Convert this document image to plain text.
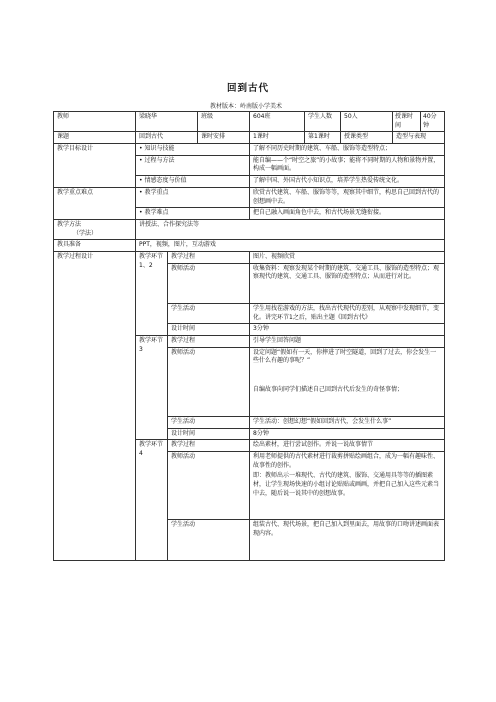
回到古代
教材版本：岭南版小学美术
教师	梁晓华	班级	604班	学生人数	50人		授课时间	40分钟

课题	回到古代	课时安排	1课时	第1课时	授课类型	造型与表现
教学目标设计	•知识与技能	了解不同历史时期的建筑、车船、服饰等造型特点；
• 过程与方法	能自编——个“时空之旅”的小故事；能将不同时期的人物和景物并置，构成一幅画面。
• 情感态度与价值	了解中国、外国古代小知识点，培养学生热爱传统文化。
教学重点难点	•教学重点	欣赏古代建筑、车船、服饰等等，观察其中细节，构思自己回到古代的创想画中去。
• 教学难点	把自己融入画面角色中去，和古代场景无缝衔接。

教学方法
（学法）
	讲授法、合作探究法等
教具准备	PPT，视频，图片，互动游戏
教学过程设计	教学环节1、2	教学过程	图片、视频欣赏
教师活动	收集资料：观察发现某个时期的建筑、交通工具、服饰的造型特点；观察现代的建筑、交通工具、服饰的造型特点；从而进行对比。

学生活动	学生用找茬游戏的方法，找出古代现代的差别，从观察中发现细节，变化。讲完环节1之后，贴出主题《回到古代》
设计时间	3分钟
教学环节3	教学过程	引导学生回答问题
教师活动	设定问题“假如有一天，你摔进了时空隧道，回到了过去，你会发生一些什么有趣的事呢？”

自编故事向同学们描述自己回到古代后发生的奇怪事情；

学生活动	学生活动：创想幻想“假如回到古代，会发生什么事”
设计时间	8分钟
教学环节4	教学过程	绘出素材，进行尝试创作。并说一说故事情节
教师活动	利用老师提供的古代素材进行裁剪拼贴绘画组合，成为一幅有趣味性、故事性的创作。

即：教师出示一堆现代、古代的建筑、服饰、交通用具等等的插图素材，让学生现场快速的小组讨论贴贴或画画，并把自己加入这些元素当中去，随后说一说其中的创想故事。

学生活动	组装古代、现代场景，把自己加入到里面去，用故事的口吻讲述画面表现内容。
